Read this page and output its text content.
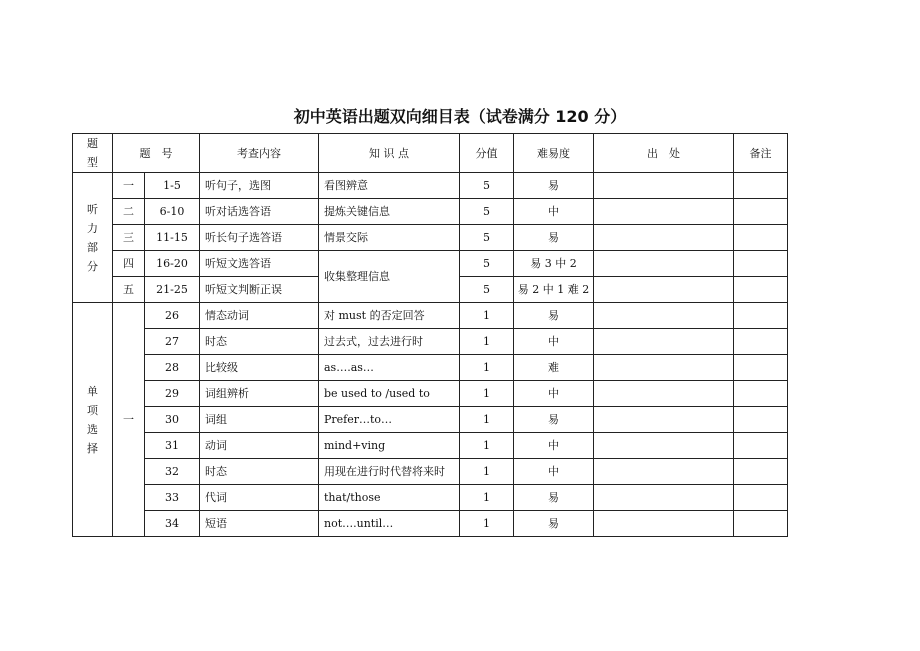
初中英语出题双向细目表（试卷满分 120 分）
题型	题　号		考查内容	知 识 点	分值	难易度	出　处	备注
听力部分	一	1-5	听句子，选图	看图辨意	5	易		
	二	6-10	听对话选答语	提炼关键信息	5	中		
	三	11-15	听长句子选答语	情景交际	5	易		
	四	16-20	听短文选答语	收集整理信息	5	易 3 中 2		
	五	21-25	听短文判断正误		5	易 2 中 1 难 2		
单项选择	一	26	情态动词	对 must 的否定回答	1	易		
		27	时态	过去式，过去进行时	1	中		
		28	比较级	as….as…	1	难		
		29	词组辨析	be used to /used to	1	中		
		30	词组	Prefer…to…	1	易		
		31	动词	mind+ving	1	中		
		32	时态	用现在进行时代替将来时	1	中		
		33	代词	that/those	1	易		
		34	短语	not….until…	1	易		
